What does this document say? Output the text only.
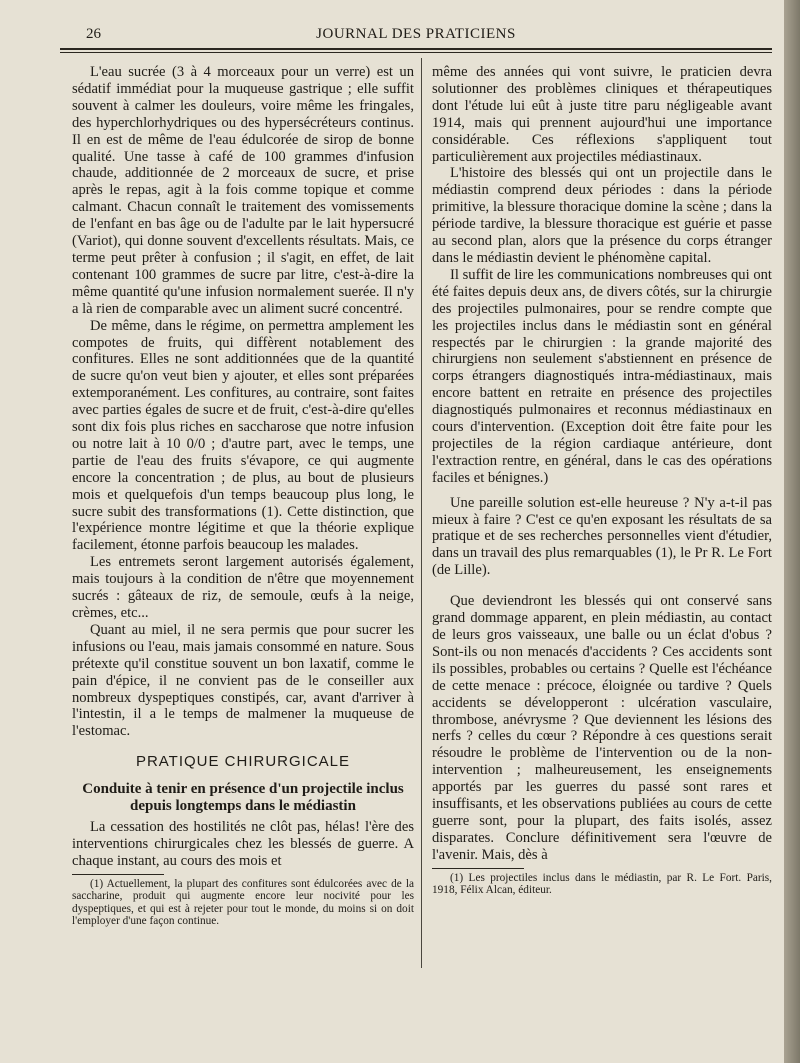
26	JOURNAL DES PRATICIENS

L'eau sucrée (3 à 4 morceaux pour un verre) est un sédatif immédiat pour la muqueuse gastrique ; elle suffit souvent à calmer les douleurs, voire même les fringales, des hyperchlorhydriques ou des hypersécréteurs continus. Il en est de même de l'eau édulcorée de sirop de bonne qualité. Une tasse à café de 100 grammes d'infusion chaude, additionnée de 2 morceaux de sucre, et prise après le repas, agit à la fois comme topique et comme calmant. Chacun connaît le traitement des vomissements de l'enfant en bas âge ou de l'adulte par le lait hypersucré (Variot), qui donne souvent d'excellents résultats. Mais, ce terme peut prêter à confusion ; il s'agit, en effet, de lait contenant 100 grammes de sucre par litre, c'est-à-dire la même quantité qu'une infusion normalement suerée. Il n'y a là rien de comparable avec un aliment sucré concentré.

De même, dans le régime, on permettra amplement les compotes de fruits, qui diffèrent notablement des confitures. Elles ne sont additionnées que de la quantité de sucre qu'on veut bien y ajouter, et elles sont préparées extemporanément. Les confitures, au contraire, sont faites avec parties égales de sucre et de fruit, c'est-à-dire qu'elles sont dix fois plus riches en saccharose que notre infusion ou notre lait à 10 0/0 ; d'autre part, avec le temps, une partie de l'eau des fruits s'évapore, ce qui augmente encore la concentration ; de plus, au bout de plusieurs mois et quelquefois d'un temps beaucoup plus long, le sucre subit des transformations (1). Cette distinction, que l'expérience montre légitime et que la théorie explique facilement, étonne parfois beaucoup les malades.

Les entremets seront largement autorisés également, mais toujours à la condition de n'être que moyennement sucrés : gâteaux de riz, de semoule, œufs à la neige, crèmes, etc...

Quant au miel, il ne sera permis que pour sucrer les infusions ou l'eau, mais jamais consommé en nature. Sous prétexte qu'il constitue souvent un bon laxatif, comme le pain d'épice, il ne convient pas de le conseiller aux nombreux dyspeptiques constipés, car, avant d'arriver à l'intestin, il a le temps de malmener la muqueuse de l'estomac.

PRATIQUE CHIRURGICALE
Conduite à tenir en présence d'un projectile inclus
depuis longtemps dans le médiastin

La cessation des hostilités ne clôt pas, hélas! l'ère des interventions chirurgicales chez les blessés de guerre. A chaque instant, au cours des mois et

(1) Actuellement, la plupart des confitures sont édulcorées avec de la saccharine, produit qui augmente encore leur nocivité pour les dyspeptiques, et qui est à rejeter pour tout le monde, du moins si on doit l'employer d'une façon continue.

même des années qui vont suivre, le praticien devra solutionner des problèmes cliniques et thérapeutiques dont l'étude lui eût à juste titre paru négligeable avant 1914, mais qui prennent aujourd'hui une importance considérable. Ces réflexions s'appliquent tout particulièrement aux projectiles médiastinaux.

L'histoire des blessés qui ont un projectile dans le médiastin comprend deux périodes : dans la période primitive, la blessure thoracique domine la scène ; dans la période tardive, la blessure thoracique est guérie et passe au second plan, alors que la présence du corps étranger dans le médiastin devient le phénomène capital.

Il suffit de lire les communications nombreuses qui ont été faites depuis deux ans, de divers côtés, sur la chirurgie des projectiles pulmonaires, pour se rendre compte que les projectiles inclus dans le médiastin sont en général respectés par le chirurgien : la grande majorité des chirurgiens non seulement s'abstiennent en présence de corps étrangers diagnostiqués intra-médiastinaux, mais encore battent en retraite en présence des projectiles diagnostiqués pulmonaires et reconnus médiastinaux en cours d'intervention. (Exception doit être faite pour les projectiles de la région cardiaque antérieure, dont l'extraction rentre, en général, dans le cas des opérations faciles et bénignes.)

Une pareille solution est-elle heureuse ? N'y a-t-il pas mieux à faire ? C'est ce qu'en exposant les résultats de sa pratique et de ses recherches personnelles vient d'étudier, dans un travail des plus remarquables (1), le Pr R. Le Fort (de Lille).

Que deviendront les blessés qui ont conservé sans grand dommage apparent, en plein médiastin, au contact de leurs gros vaisseaux, une balle ou un éclat d'obus ? Sont-ils ou non menacés d'accidents ? Ces accidents sont ils possibles, probables ou certains ? Quelle est l'échéance de cette menace : précoce, éloignée ou tardive ? Quels accidents se développeront : ulcération vasculaire, thrombose, anévrysme ? Que deviennent les lésions des nerfs ? celles du cœur ? Répondre à ces questions serait résoudre le problème de l'intervention ou de la non-intervention ; malheureusement, les enseignements apportés par les guerres du passé sont rares et insuffisants, et les observations publiées au cours de cette guerre sont, pour la plupart, des faits isolés, assez disparates. Conclure définitivement sera l'œuvre de l'avenir. Mais, dès à

(1) Les projectiles inclus dans le médiastin, par R. Le Fort. Paris, 1918, Félix Alcan, éditeur.
